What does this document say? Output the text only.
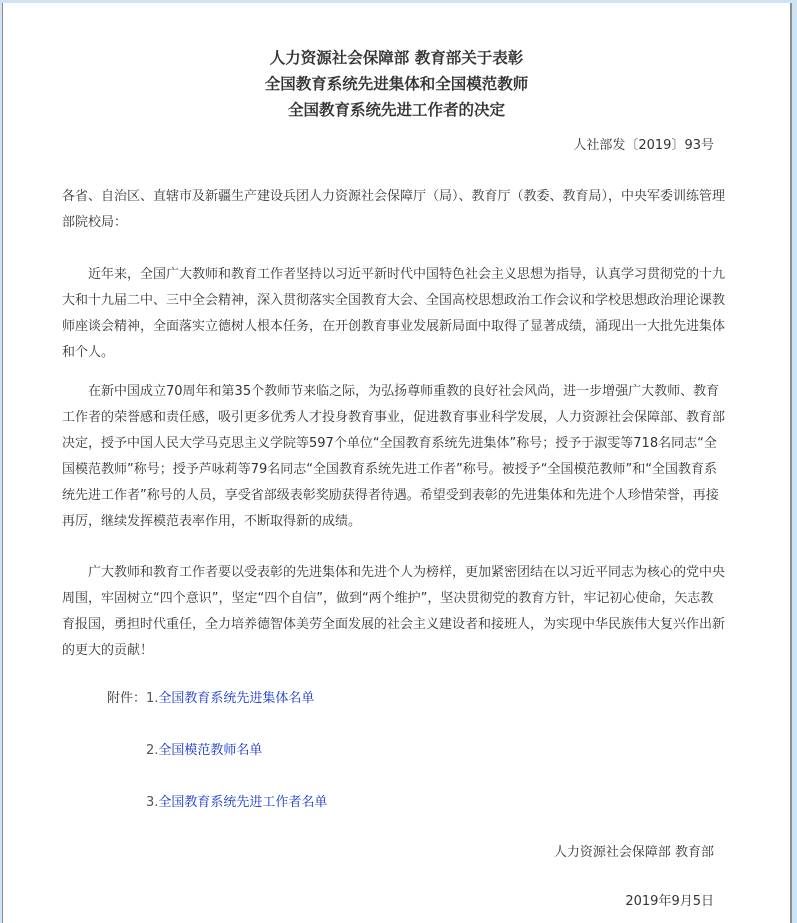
人力资源社会保障部 教育部关于表彰
全国教育系统先进集体和全国模范教师
全国教育系统先进工作者的决定
人社部发〔2019〕93号

各省、自治区、直辖市及新疆生产建设兵团人力资源社会保障厅（局）、教育厅（教委、教育局），中央军委训练管理部院校局：

近年来，全国广大教师和教育工作者坚持以习近平新时代中国特色社会主义思想为指导，认真学习贯彻党的十九大和十九届二中、三中全会精神，深入贯彻落实全国教育大会、全国高校思想政治工作会议和学校思想政治理论课教师座谈会精神，全面落实立德树人根本任务，在开创教育事业发展新局面中取得了显著成绩，涌现出一大批先进集体和个人。

在新中国成立70周年和第35个教师节来临之际，为弘扬尊师重教的良好社会风尚，进一步增强广大教师、教育工作者的荣誉感和责任感，吸引更多优秀人才投身教育事业，促进教育事业科学发展，人力资源社会保障部、教育部决定，授予中国人民大学马克思主义学院等597个单位“全国教育系统先进集体”称号；授予于淑雯等718名同志“全国模范教师”称号；授予芦咏莉等79名同志“全国教育系统先进工作者”称号。被授予“全国模范教师”和“全国教育系统先进工作者”称号的人员，享受省部级表彰奖励获得者待遇。希望受到表彰的先进集体和先进个人珍惜荣誉，再接再厉，继续发挥模范表率作用，不断取得新的成绩。

广大教师和教育工作者要以受表彰的先进集体和先进个人为榜样，更加紧密团结在以习近平同志为核心的党中央周围，牢固树立“四个意识”，坚定“四个自信”，做到“两个维护”，坚决贯彻党的教育方针，牢记初心使命，矢志教育报国，勇担时代重任，全力培养德智体美劳全面发展的社会主义建设者和接班人，为实现中华民族伟大复兴作出新的更大的贡献！

附件：1.全国教育系统先进集体名单
2.全国模范教师名单
3.全国教育系统先进工作者名单
人力资源社会保障部 教育部
2019年9月5日
